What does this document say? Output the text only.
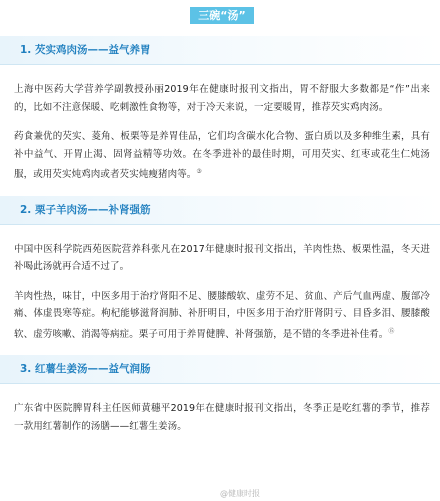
三碗“汤”
1. 芡实鸡肉汤——益气养胃

上海中医药大学营养学副教授孙丽2019年在健康时报刊文指出，胃不舒服大多数都是“作”出来的，比如不注意保暖、吃刺激性食物等，对于冷天来说，一定要暖胃，推荐芡实鸡肉汤。

药食兼优的芡实、菱角、板栗等是养胃佳品，它们均含碳水化合物、蛋白质以及多种维生素，具有补中益气、开胃止渴、固肾益精等功效。在冬季进补的最佳时期，可用芡实、红枣或花生仁炖汤服，或用芡实炖鸡肉或者芡实炖瘦猪肉等。③

2. 栗子羊肉汤——补肾强筋

中国中医科学院西苑医院营养科张凡在2017年健康时报刊文指出，羊肉性热、板栗性温，冬天进补喝此汤就再合适不过了。

羊肉性热，味甘，中医多用于治疗肾阳不足、腰膝酸软、虚劳不足、贫血、产后气血两虚、腹部冷痛、体虚畏寒等症。枸杞能够滋肾润肺、补肝明目，中医多用于治疗肝肾阴亏、目昏多泪、腰膝酸软、虚劳咳嗽、消渴等病症。栗子可用于养胃健脾、补肾强筋，是不错的冬季进补佳肴。⑮

3. 红薯生姜汤——益气润肠

广东省中医院脾胃科主任医师黄穗平2019年在健康时报刊文指出，冬季正是吃红薯的季节，推荐一款用红薯制作的汤膳——红薯生姜汤。

@健康时报
